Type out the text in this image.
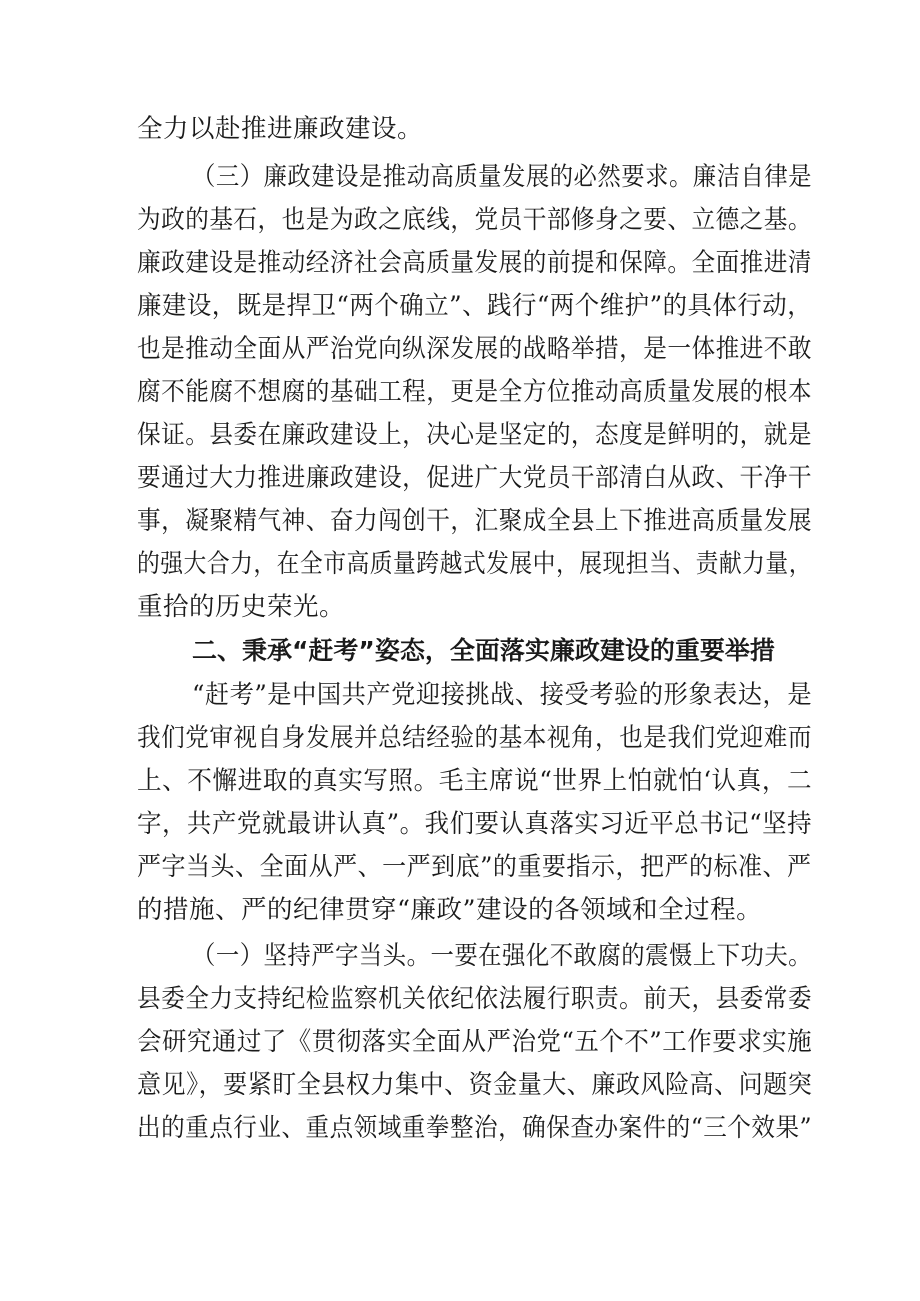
全力以赴推进廉政建设。
（三）廉政建设是推动高质量发展的必然要求。廉洁自律是
为政的基石，也是为政之底线，党员干部修身之要、立德之基。
廉政建设是推动经济社会高质量发展的前提和保障。全面推进清
廉建设，既是捍卫“两个确立”、践行“两个维护”的具体行动，
也是推动全面从严治党向纵深发展的战略举措，是一体推进不敢
腐不能腐不想腐的基础工程，更是全方位推动高质量发展的根本
保证。县委在廉政建设上，决心是坚定的，态度是鲜明的，就是
要通过大力推进廉政建设，促进广大党员干部清白从政、干净干
事，凝聚精气神、奋力闯创干，汇聚成全县上下推进高质量发展
的强大合力，在全市高质量跨越式发展中，展现担当、责献力量，
重拾的历史荣光。
二、秉承“赶考”姿态，全面落实廉政建设的重要举措
“赶考”是中国共产党迎接挑战、接受考验的形象表达，是
我们党审视自身发展并总结经验的基本视角，也是我们党迎难而
上、不懈进取的真实写照。毛主席说“世界上怕就怕‘认真，二
字，共产党就最讲认真”。我们要认真落实习近平总书记“坚持
严字当头、全面从严、一严到底”的重要指示，把严的标准、严
的措施、严的纪律贯穿“廉政”建设的各领域和全过程。
（一）坚持严字当头。一要在强化不敢腐的震慑上下功夫。
县委全力支持纪检监察机关依纪依法履行职责。前天，县委常委
会研究通过了《贯彻落实全面从严治党“五个不”工作要求实施
意见》，要紧盯全县权力集中、资金量大、廉政风险高、问题突
出的重点行业、重点领域重拳整治，确保查办案件的“三个效果”
